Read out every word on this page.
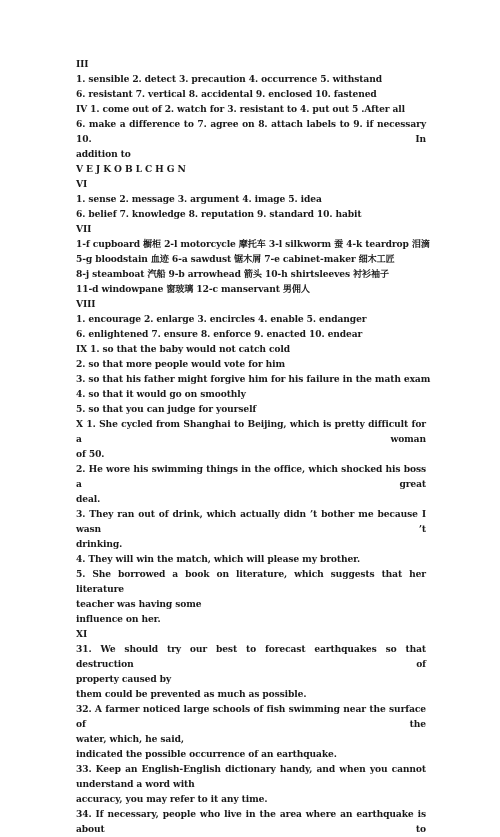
III
1. sensible 2. detect 3. precaution 4. occurrence 5. withstand
6. resistant 7. vertical 8. accidental 9. enclosed 10. fastened
IV 1. come out of 2. watch for 3. resistant to 4. put out 5 .After all
6. make a difference to 7. agree on 8. attach labels to 9. if necessary 10. In
addition to
V E J K O B L C H G N
VI
1. sense 2. message 3. argument 4. image 5. idea
6. belief 7. knowledge 8. reputation 9. standard 10. habit
VII
1-f cupboard 橱柜 2-l motorcycle 摩托车 3-l silkworm 蚕 4-k teardrop 泪滴
5-g bloodstain 血迹 6-a sawdust 锯木屑 7-e cabinet-maker 细木工匠
8-j steamboat 汽船 9-b arrowhead 箭头 10-h shirtsleeves 衬衫袖子
11-d windowpane 窗玻璃 12-c manservant 男佣人
VIII
1. encourage 2. enlarge 3. encircles 4. enable 5. endanger
6. enlightened 7. ensure 8. enforce 9. enacted 10. endear
IX 1. so that the baby would not catch cold
2. so that more people would vote for him
3. so that his father might forgive him for his failure in the math exam
4. so that it would go on smoothly
5. so that you can judge for yourself
X 1. She cycled from Shanghai to Beijing, which is pretty difficult for a woman
of 50.
2. He wore his swimming things in the office, which shocked his boss a great
deal.
3. They ran out of drink, which actually didn ’t bother me because I wasn ’t
drinking.
4. They will win the match, which will please my brother.
5. She borrowed a book on literature, which suggests that her literature
teacher was having some
influence on her.
XI
31. We should try our best to forecast earthquakes so that destruction of
property caused by
them could be prevented as much as possible.
32. A farmer noticed large schools of fish swimming near the surface of the
water, which, he said,
indicated the possible occurrence of an earthquake.
33. Keep an English-English dictionary handy, and when you cannot
understand a word with
accuracy, you may refer to it any time.
34. If necessary, people who live in the area where an earthquake is about to
